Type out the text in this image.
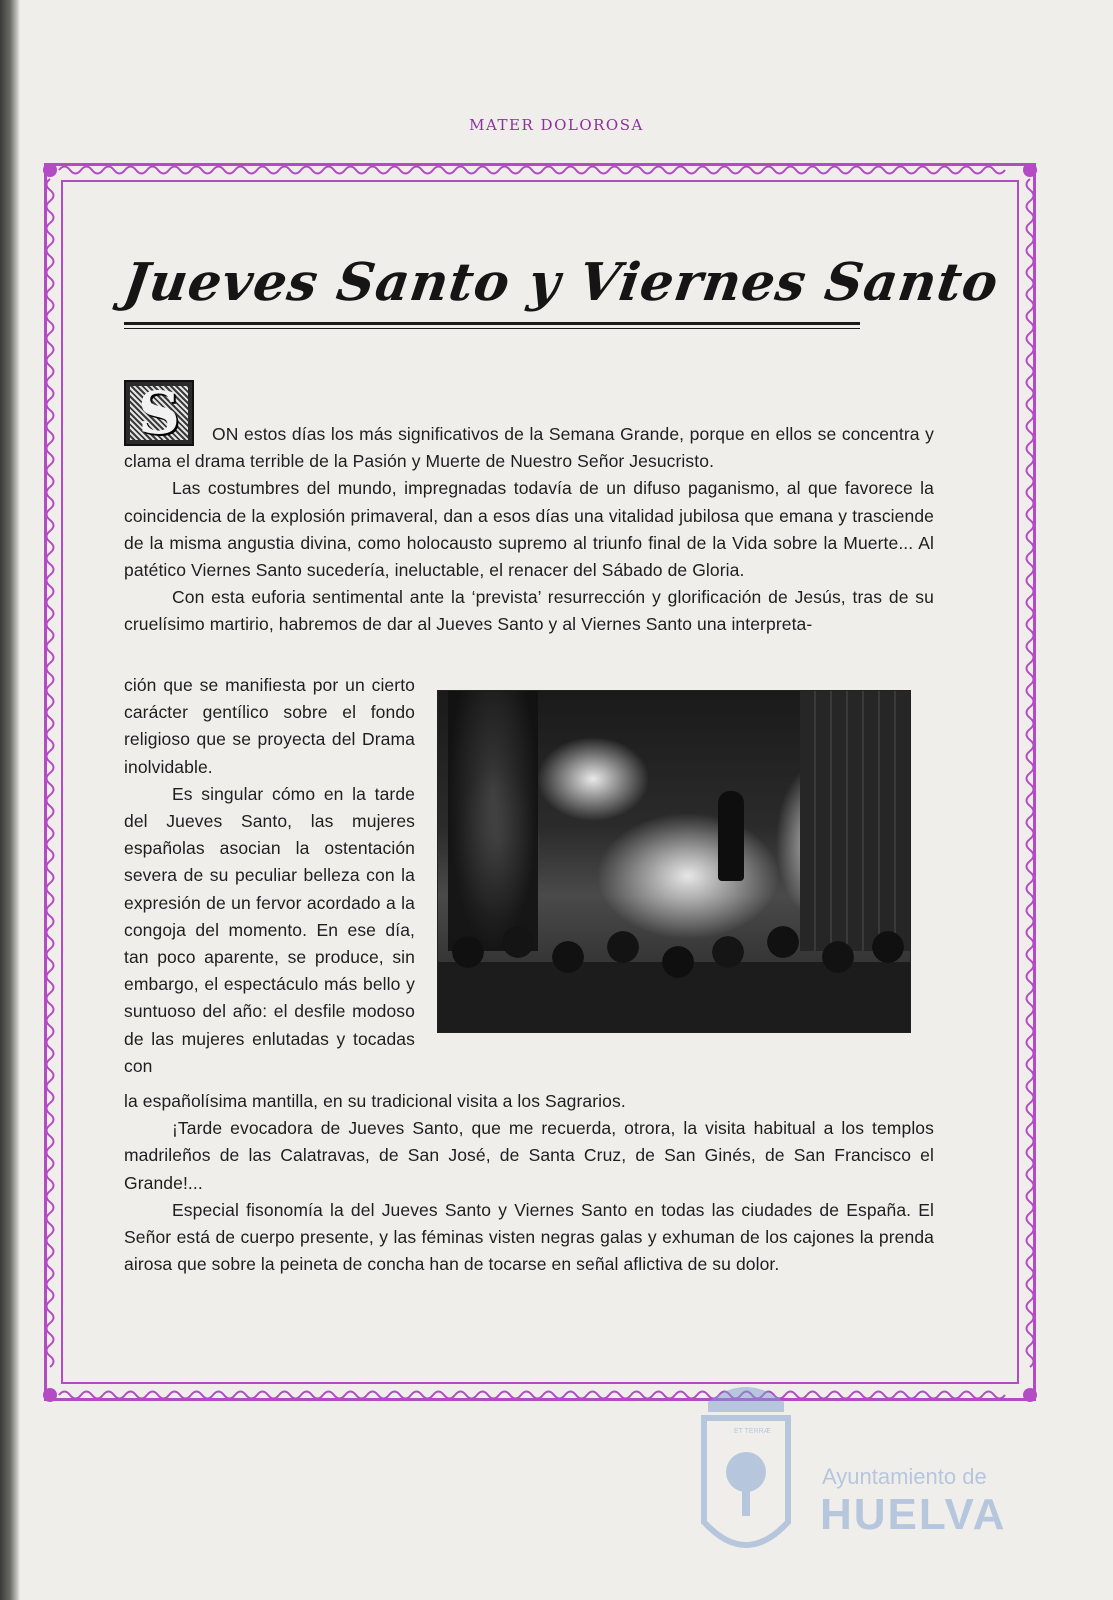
MATER DOLOROSA
Jueves Santo y Viernes Santo
S	ON estos días los más significativos de la Semana Grande, porque en ellos se concentra y clama el drama terrible de la Pasión y Muerte de Nuestro Señor Jesucristo.

Las costumbres del mundo, impregnadas todavía de un difuso paganismo, al que favorece la coincidencia de la explosión primaveral, dan a esos días una vitalidad jubilosa que emana y trasciende de la misma angustia divina, como holocausto supremo al triunfo final de la Vida sobre la Muerte... Al patético Viernes Santo sucedería, ineluctable, el renacer del Sábado de Gloria.

Con esta euforia sentimental ante la ‘prevista’ resurrección y glorificación de Jesús, tras de su cruelísimo martirio, habremos de dar al Jueves Santo y al Viernes Santo una interpreta-

ción que se manifiesta por un cierto carácter gentílico sobre el fondo religioso que se proyecta del Drama inolvidable.

Es singular cómo en la tarde del Jueves Santo, las mujeres españolas asocian la ostentación severa de su peculiar belleza con la expresión de un fervor acordado a la congoja del momento. En ese día, tan poco aparente, se produce, sin embargo, el espectáculo más bello y suntuoso del año: el desfile modoso de las mujeres enlutadas y tocadas con

la españolísima mantilla, en su tradicional visita a los Sagrarios.

¡Tarde evocadora de Jueves Santo, que me recuerda, otrora, la visita habitual a los templos madrileños de las Calatravas, de San José, de Santa Cruz, de San Ginés, de San Francisco el Grande!...

Especial fisonomía la del Jueves Santo y Viernes Santo en todas las ciudades de España. El Señor está de cuerpo presente, y las féminas visten negras galas y exhuman de los cajones la prenda airosa que sobre la peineta de concha han de tocarse en señal aflictiva de su dolor.

ET TERRÆ
Ayuntamiento de
HUELVA
